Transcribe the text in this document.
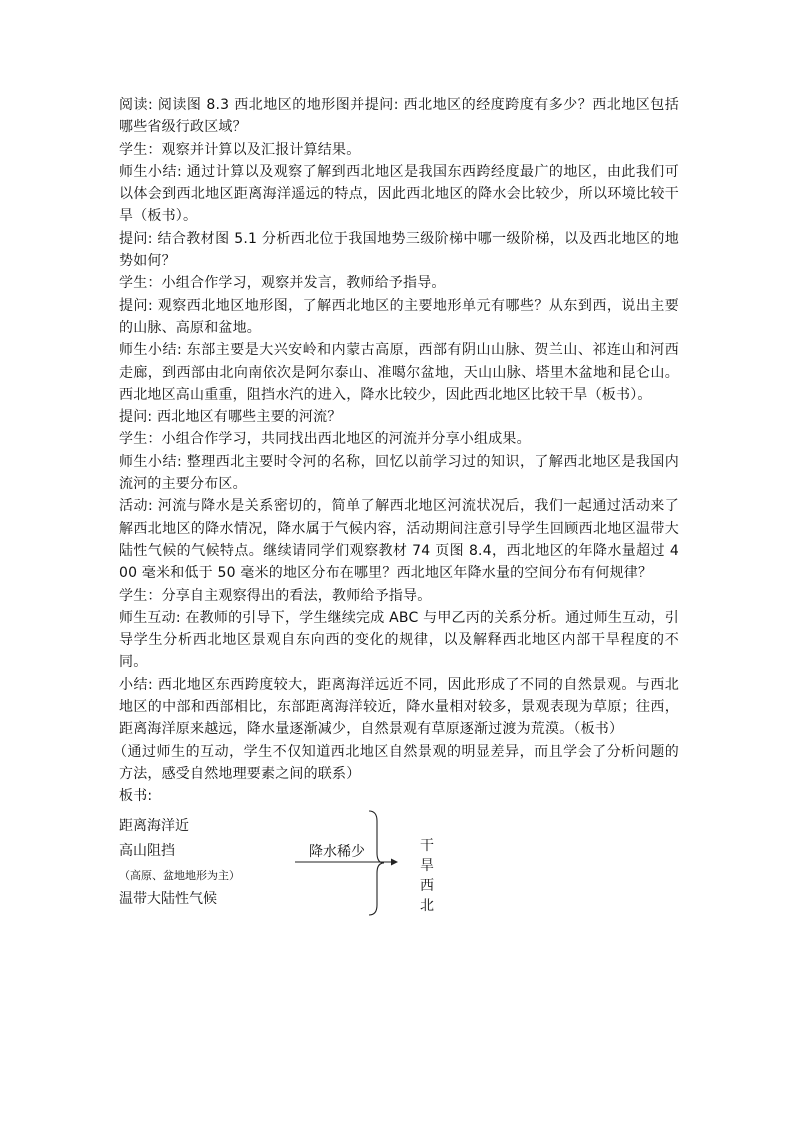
阅读: 阅读图 8.3 西北地区的地形图并提问: 西北地区的经度跨度有多少？西北地区包括哪些省级行政区域？

学生：观察并计算以及汇报计算结果。

师生小结: 通过计算以及观察了解到西北地区是我国东西跨经度最广的地区，由此我们可以体会到西北地区距离海洋遥远的特点，因此西北地区的降水会比较少，所以环境比较干旱（板书）。

提问: 结合教材图 5.1 分析西北位于我国地势三级阶梯中哪一级阶梯，以及西北地区的地势如何？

学生：小组合作学习，观察并发言，教师给予指导。

提问: 观察西北地区地形图，了解西北地区的主要地形单元有哪些？从东到西，说出主要的山脉、高原和盆地。

师生小结: 东部主要是大兴安岭和内蒙古高原，西部有阴山山脉、贺兰山、祁连山和河西走廊，到西部由北向南依次是阿尔泰山、准噶尔盆地，天山山脉、塔里木盆地和昆仑山。西北地区高山重重，阻挡水汽的进入，降水比较少，因此西北地区比较干旱（板书）。

提问: 西北地区有哪些主要的河流？

学生：小组合作学习，共同找出西北地区的河流并分享小组成果。

师生小结: 整理西北主要时令河的名称，回忆以前学习过的知识，了解西北地区是我国内流河的主要分布区。

活动: 河流与降水是关系密切的，简单了解西北地区河流状况后，我们一起通过活动来了解西北地区的降水情况，降水属于气候内容，活动期间注意引导学生回顾西北地区温带大陆性气候的气候特点。继续请同学们观察教材 74 页图 8.4，西北地区的年降水量超过 400 毫米和低于 50 毫米的地区分布在哪里？西北地区年降水量的空间分布有何规律？

学生：分享自主观察得出的看法，教师给予指导。

师生互动: 在教师的引导下，学生继续完成 ABC 与甲乙丙的关系分析。通过师生互动，引导学生分析西北地区景观自东向西的变化的规律，以及解释西北地区内部干旱程度的不同。

小结: 西北地区东西跨度较大，距离海洋远近不同，因此形成了不同的自然景观。与西北地区的中部和西部相比，东部距离海洋较近，降水量相对较多，景观表现为草原；往西，距离海洋原来越远，降水量逐渐减少，自然景观有草原逐渐过渡为荒漠。（板书）

（通过师生的互动，学生不仅知道西北地区自然景观的明显差异，而且学会了分析问题的方法，感受自然地理要素之间的联系）

板书:

距离海洋近
高山阻挡
（高原、盆地地形为主）
温带大陆性气候
降水稀少	干
旱
西
北
